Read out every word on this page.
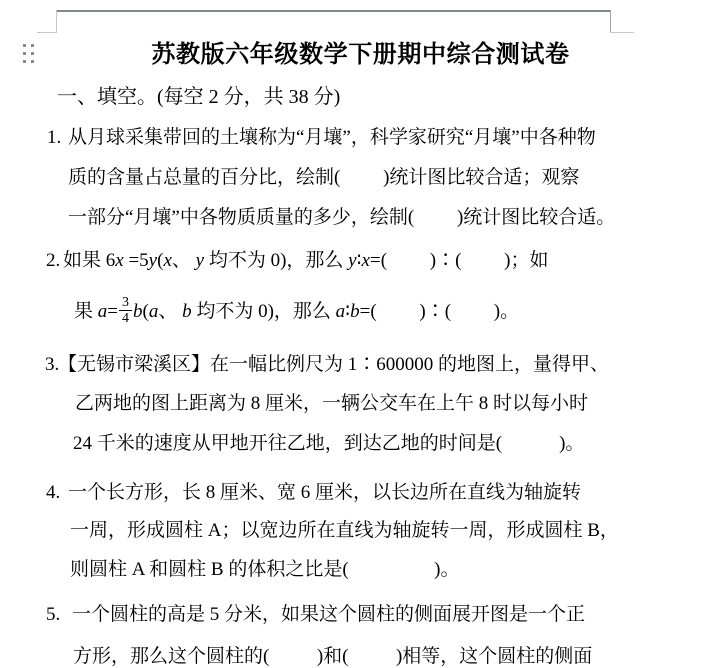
苏教版六年级数学下册期中综合测试卷
一、填空。(每空 2 分，共 38 分)
1. 从月球采集带回的土壤称为“月壤”，科学家研究“月壤”中各种物
质的含量占总量的百分比，绘制(　　 )统计图比较合适；观察
一部分“月壤”中各物质质量的多少，绘制(　　 )统计图比较合适。
2. 如果 6x =5y(x、 y 均不为 0)，那么 y∶x=(　　 )∶(　　 )；如
果 $a= \frac{3}{4} b(a$、 b 均不为 0)，那么 a∶b=(　　 )∶(　　 )。
3.【无锡市梁溪区】在一幅比例尺为 1∶600000 的地图上，量得甲、
乙两地的图上距离为 8 厘米，一辆公交车在上午 8 时以每小时
24 千米的速度从甲地开往乙地，到达乙地的时间是(　　　)。
4. 一个长方形，长 8 厘米、宽 6 厘米，以长边所在直线为轴旋转
一周，形成圆柱 A；以宽边所在直线为轴旋转一周，形成圆柱 B，
则圆柱 A 和圆柱 B 的体积之比是(　　　　  )。
5. 一个圆柱的高是 5 分米，如果这个圆柱的侧面展开图是一个正
方形，那么这个圆柱的(　　  )和(　　  )相等，这个圆柱的侧面
